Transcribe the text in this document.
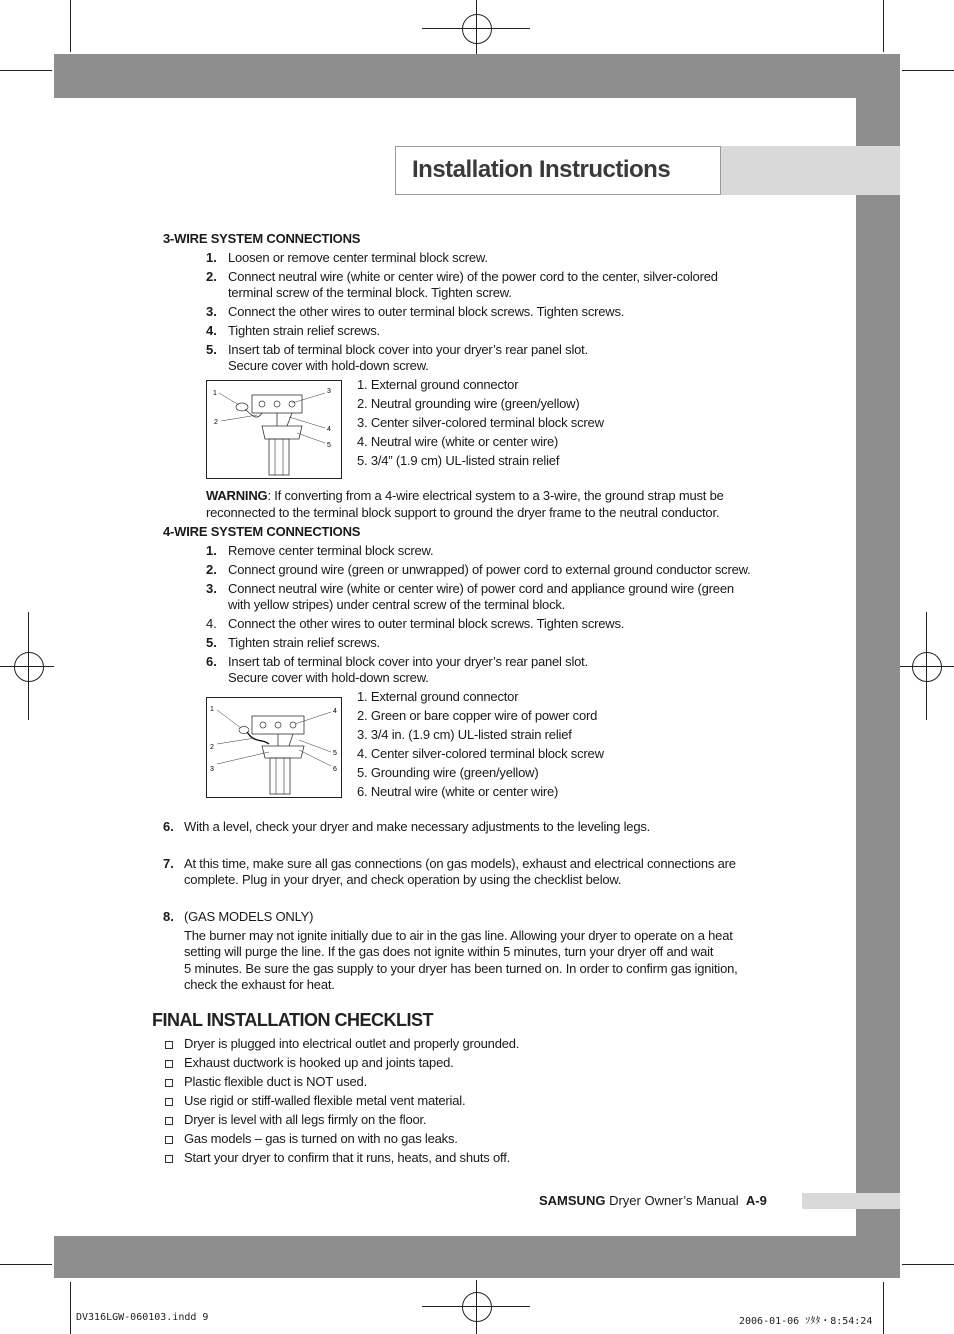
Installation Instructions
3-WIRE SYSTEM CONNECTIONS
1. Loosen or remove center terminal block screw.
2. Connect neutral wire (white or center wire) of the power cord to the center, silver-colored
terminal screw of the terminal block. Tighten screw.
3. Connect the other wires to outer terminal block screws. Tighten screws.
4. Tighten strain relief screws.
5. Insert tab of terminal block cover into your dryer’s rear panel slot.
Secure cover with hold-down screw.
1
2
3
4
5
1. External ground connector
2. Neutral grounding wire (green/yellow)
3. Center silver-colored terminal block screw
4. Neutral wire (white or center wire)
5. 3/4” (1.9 cm) UL-listed strain relief
WARNING: If converting from a 4-wire electrical system to a 3-wire, the ground strap must be
reconnected to the terminal block support to ground the dryer frame to the neutral conductor.
4-WIRE SYSTEM CONNECTIONS
1. Remove center terminal block screw.
2. Connect ground wire (green or unwrapped) of power cord to external ground conductor screw.
3. Connect neutral wire (white or center wire) of power cord and appliance ground wire (green
with yellow stripes) under central screw of the terminal block.
4. Connect the other wires to outer terminal block screws. Tighten screws.
5. Tighten strain relief screws.
6. Insert tab of terminal block cover into your dryer’s rear panel slot.
Secure cover with hold-down screw.
1
2
3
4
5
6
1. External ground connector
2. Green or bare copper wire of power cord
3. 3/4 in. (1.9 cm) UL-listed strain relief
4. Center silver-colored terminal block screw
5. Grounding wire (green/yellow)
6. Neutral wire (white or center wire)
6. With a level, check your dryer and make necessary adjustments to the leveling legs.
7. At this time, make sure all gas connections (on gas models), exhaust and electrical connections are
complete. Plug in your dryer, and check operation by using the checklist below.
8. (GAS MODELS ONLY)
The burner may not ignite initially due to air in the gas line. Allowing your dryer to operate on a heat
setting will purge the line. If the gas does not ignite within 5 minutes, turn your dryer off and wait
5 minutes. Be sure the gas supply to your dryer has been turned on. In order to confirm gas ignition,
check the exhaust for heat.
FINAL INSTALLATION CHECKLIST
Dryer is plugged into electrical outlet and properly grounded.
Exhaust ductwork is hooked up and joints taped.
Plastic flexible duct is NOT used.
Use rigid or stiff-walled flexible metal vent material.
Dryer is level with all legs firmly on the floor.
Gas models – gas is turned on with no gas leaks.
Start your dryer to confirm that it runs, heats, and shuts off.
SAMSUNG Dryer Owner’s Manual A-9
DV316LGW-060103.indd 9	2006-01-06 ｿﾀﾀ・8:54:24
